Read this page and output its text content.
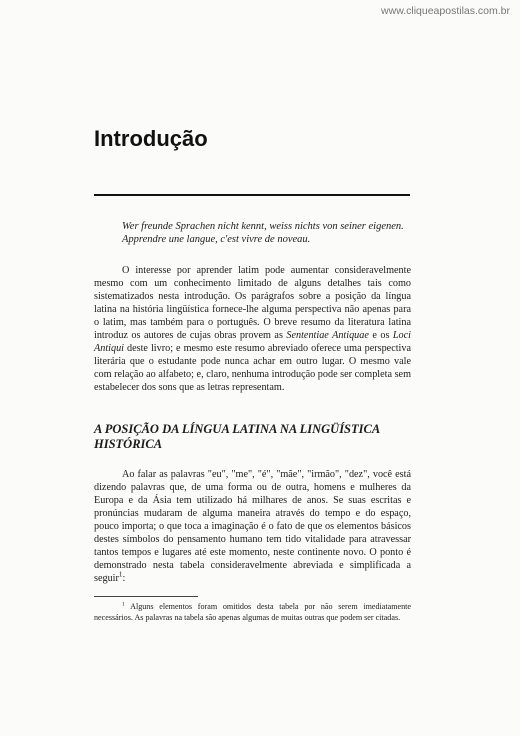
www.cliqueapostilas.com.br
Introdução

Wer freunde Sprachen nicht kennt, weiss nichts von seiner eigenen.

Apprendre une langue, c'est vivre de noveau.

O interesse por aprender latim pode aumentar consideravelmente mesmo com um conhecimento limitado de alguns detalhes tais como sistematizados nesta introdução. Os parágrafos sobre a posição da língua latina na história lingüística fornece-lhe alguma perspectiva não apenas para o latim, mas também para o português. O breve resumo da literatura latina introduz os autores de cujas obras provem as Sententiae Antiquae e os Loci Antiqui deste livro; e mesmo este resumo abreviado oferece uma perspectiva literária que o estudante pode nunca achar em outro lugar. O mesmo vale com relação ao alfabeto; e, claro, nenhuma introdução pode ser completa sem estabelecer dos sons que as letras representam.

A POSIÇÃO DA LÍNGUA LATINA NA LINGÜÍSTICA HISTÓRICA

Ao falar as palavras "eu", "me", "é", "mãe", "irmão", "dez", você está dizendo palavras que, de uma forma ou de outra, homens e mulheres da Europa e da Ásia tem utilizado há milhares de anos. Se suas escritas e pronúncias mudaram de alguma maneira através do tempo e do espaço, pouco importa; o que toca a imaginação é o fato de que os elementos básicos destes símbolos do pensamento humano tem tido vitalidade para atravessar tantos tempos e lugares até este momento, neste continente novo. O ponto é demonstrado nesta tabela consideravelmente abreviada e simplificada a seguir$^1$:

$^1$ Alguns elementos foram omitidos desta tabela por não serem imediatamente necessários. As palavras na tabela são apenas algumas de muitas outras que podem ser citadas.
